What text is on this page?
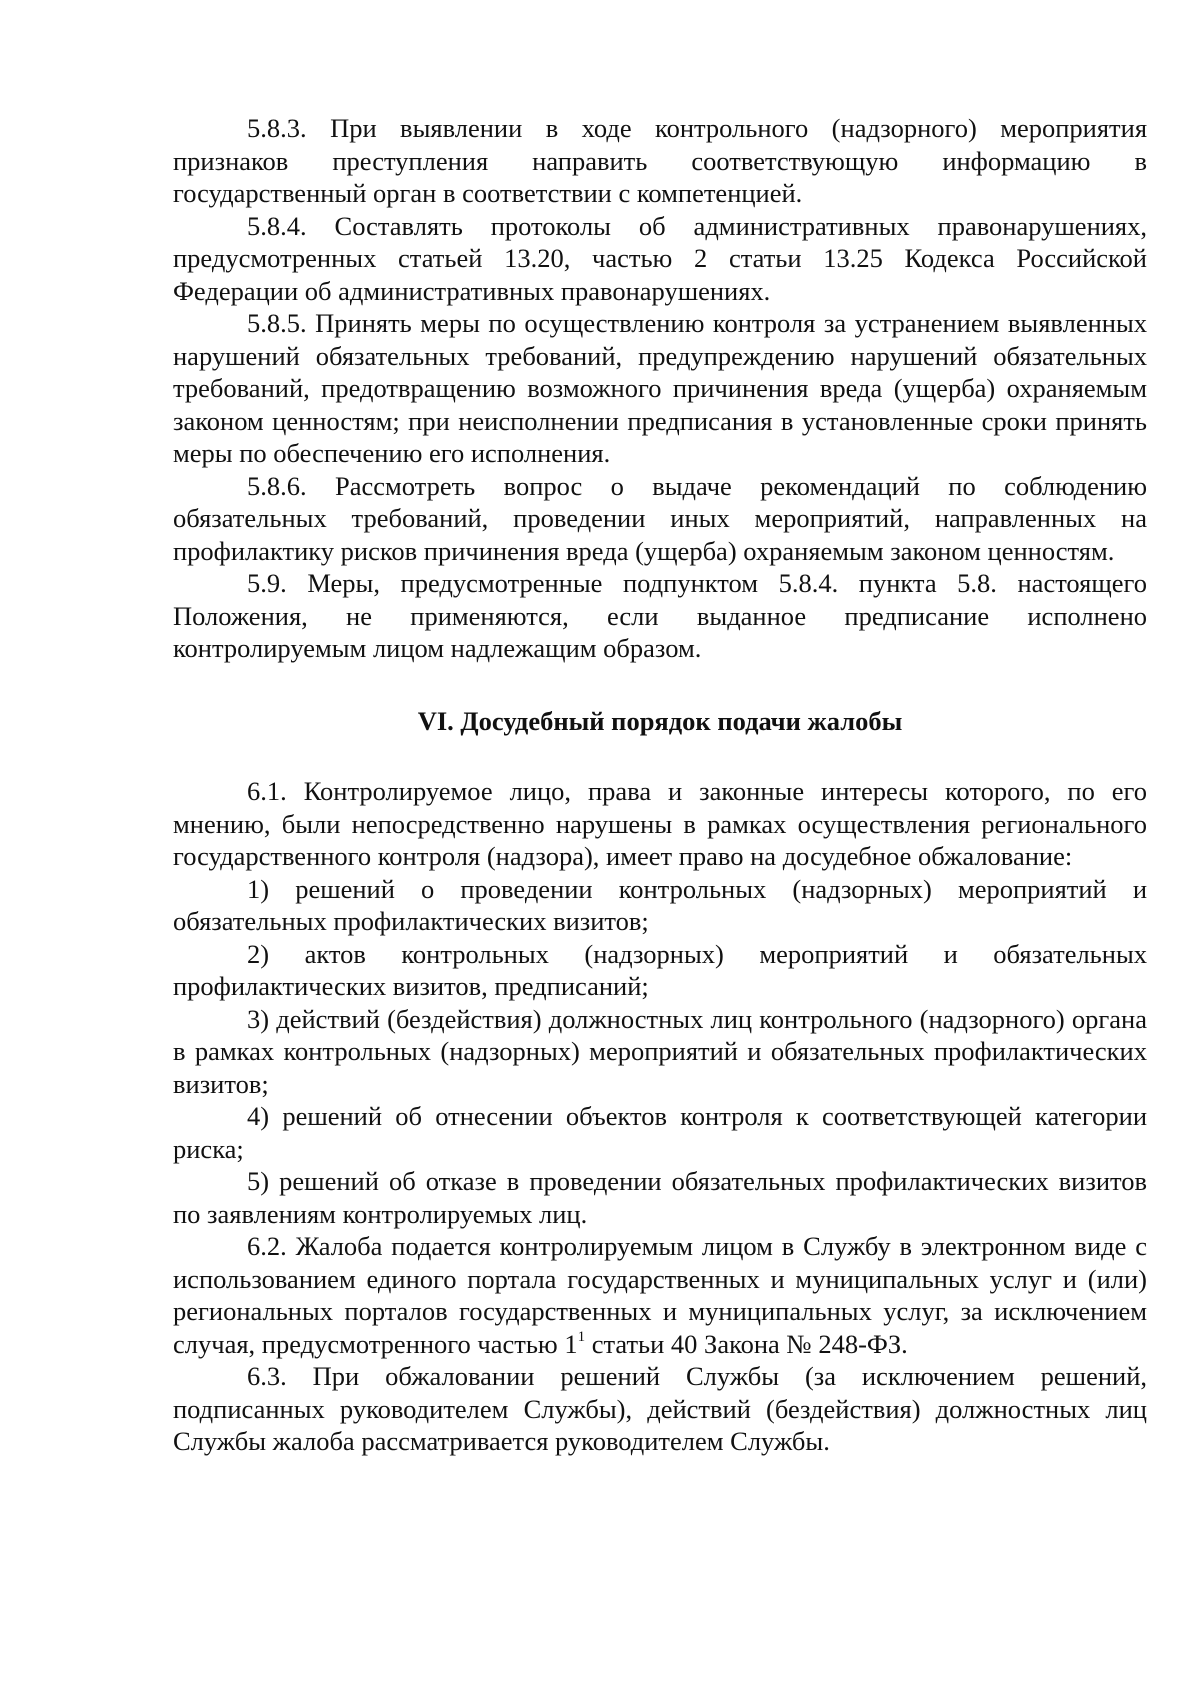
5.8.3. При выявлении в ходе контрольного (надзорного) мероприятия признаков преступления направить соответствующую информацию в государственный орган в соответствии с компетенцией.

5.8.4. Составлять протоколы об административных правонарушениях, предусмотренных статьей 13.20, частью 2 статьи 13.25 Кодекса Российской Федерации об административных правонарушениях.

5.8.5. Принять меры по осуществлению контроля за устранением выявленных нарушений обязательных требований, предупреждению нарушений обязательных требований, предотвращению возможного причинения вреда (ущерба) охраняемым законом ценностям; при неисполнении предписания в установленные сроки принять меры по обеспечению его исполнения.

5.8.6. Рассмотреть вопрос о выдаче рекомендаций по соблюдению обязательных требований, проведении иных мероприятий, направленных на профилактику рисков причинения вреда (ущерба) охраняемым законом ценностям.

5.9. Меры, предусмотренные подпунктом 5.8.4. пункта 5.8. настоящего Положения, не применяются, если выданное предписание исполнено контролируемым лицом надлежащим образом.

VI. Досудебный порядок подачи жалобы

6.1. Контролируемое лицо, права и законные интересы которого, по его мнению, были непосредственно нарушены в рамках осуществления регионального государственного контроля (надзора), имеет право на досудебное обжалование:

1) решений о проведении контрольных (надзорных) мероприятий и обязательных профилактических визитов;

2) актов контрольных (надзорных) мероприятий и обязательных профилактических визитов, предписаний;

3) действий (бездействия) должностных лиц контрольного (надзорного) органа в рамках контрольных (надзорных) мероприятий и обязательных профилактических визитов;

4) решений об отнесении объектов контроля к соответствующей категории риска;

5) решений об отказе в проведении обязательных профилактических визитов по заявлениям контролируемых лиц.

6.2. Жалоба подается контролируемым лицом в Службу в электронном виде с использованием единого портала государственных и муниципальных услуг и (или) региональных порталов государственных и муниципальных услуг, за исключением случая, предусмотренного частью $1^1$ статьи 40 Закона № 248-ФЗ.

6.3. При обжаловании решений Службы (за исключением решений, подписанных руководителем Службы), действий (бездействия) должностных лиц Службы жалоба рассматривается руководителем Службы.
